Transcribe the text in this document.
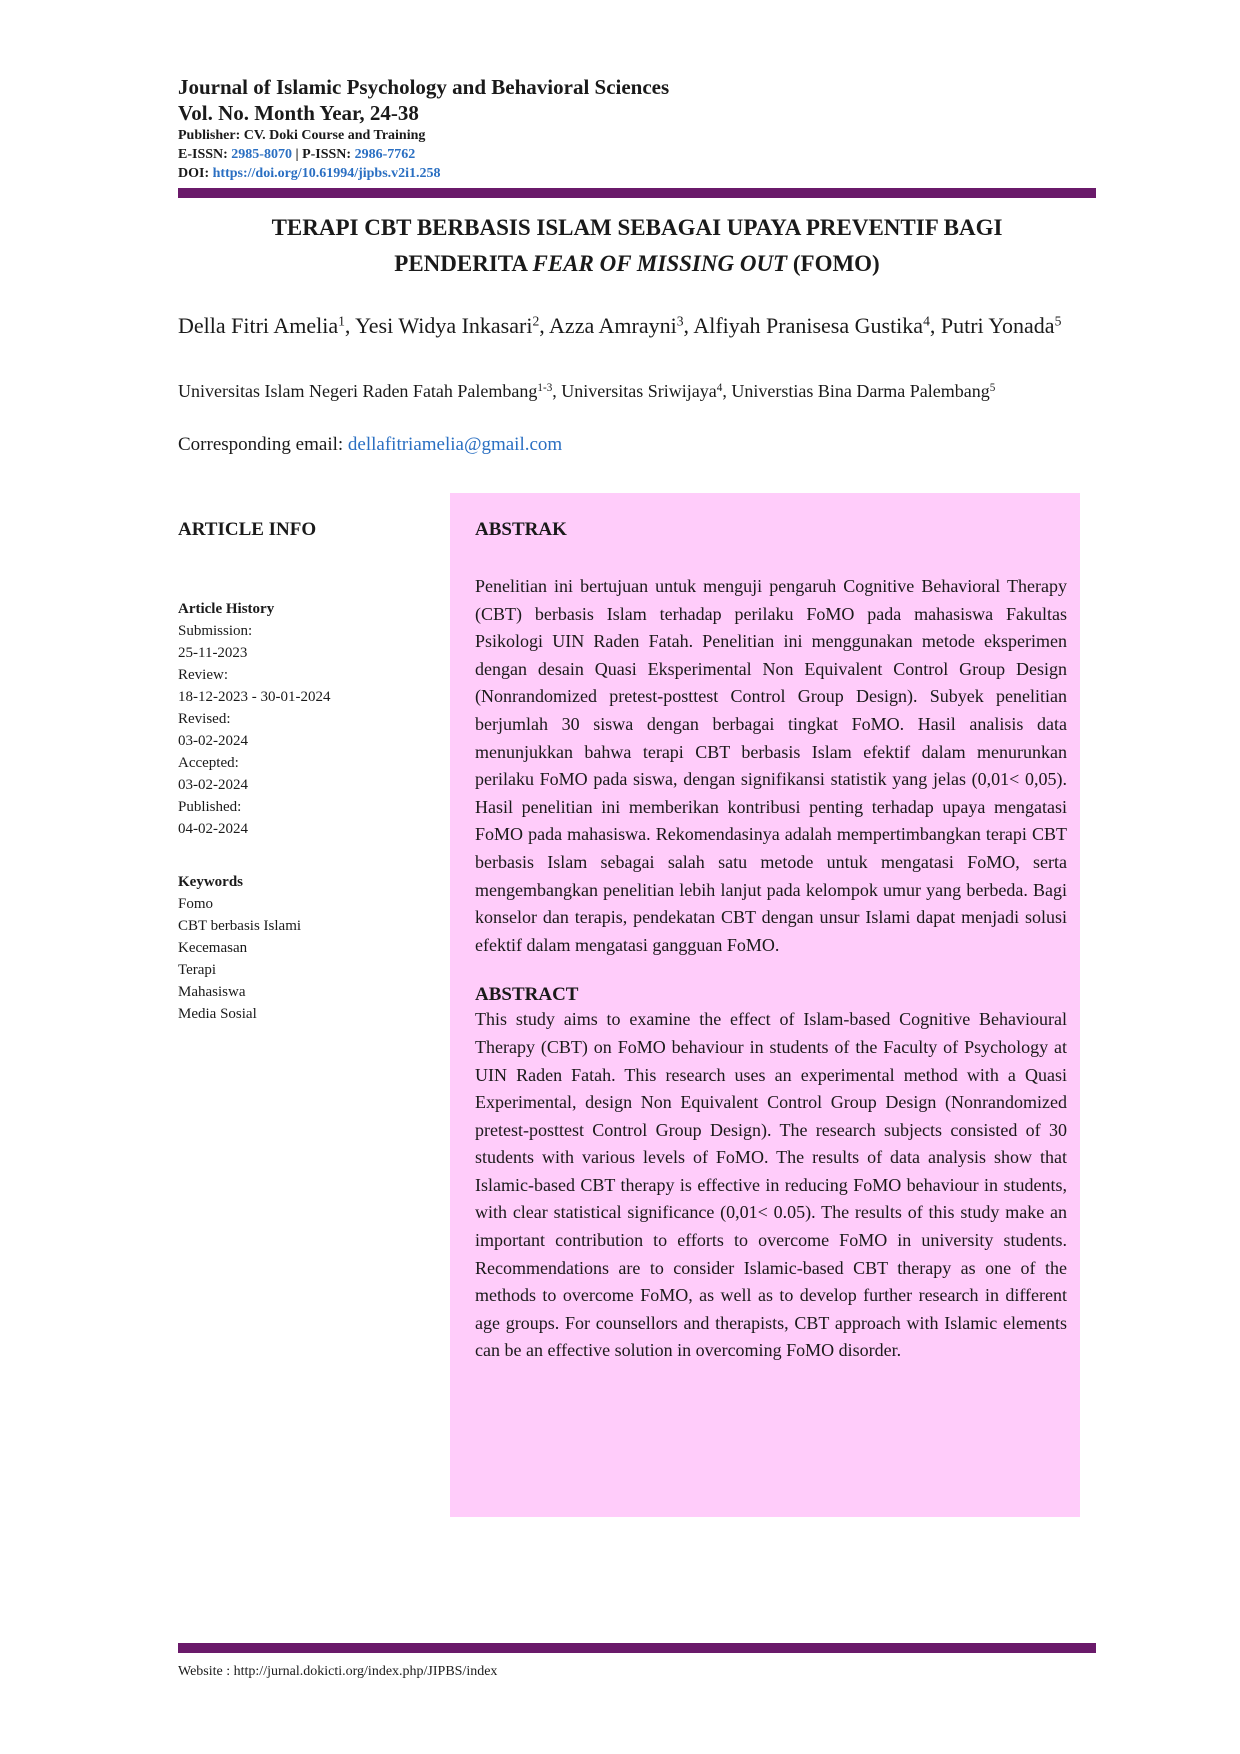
Journal of Islamic Psychology and Behavioral Sciences
Vol. No. Month Year, 24-38
Publisher: CV. Doki Course and Training
E-ISSN: 2985-8070 | P-ISSN: 2986-7762
DOI: https://doi.org/10.61994/jipbs.v2i1.258
TERAPI CBT BERBASIS ISLAM SEBAGAI UPAYA PREVENTIF BAGI
PENDERITA FEAR OF MISSING OUT (FOMO)
Della Fitri Amelia$^1$, Yesi Widya Inkasari$^2$, Azza Amrayni$^3$, Alfiyah Pranisesa Gustika$^4$, Putri Yonada$^5$
Universitas Islam Negeri Raden Fatah Palembang$^{1-3}$, Universitas Sriwijaya$^4$, Universtias Bina Darma Palembang$^5$
Corresponding email: dellafitriamelia@gmail.com
ARTICLE INFO
Article History
Submission:
25-11-2023
Review:
18-12-2023 - 30-01-2024
Revised:
03-02-2024
Accepted:
03-02-2024
Published:
04-02-2024
Keywords
Fomo
CBT berbasis Islami
Kecemasan
Terapi
Mahasiswa
Media Sosial
ABSTRAK
Penelitian ini bertujuan untuk menguji pengaruh Cognitive Behavioral Therapy (CBT) berbasis Islam terhadap perilaku FoMO pada mahasiswa Fakultas Psikologi UIN Raden Fatah. Penelitian ini menggunakan metode eksperimen dengan desain Quasi Eksperimental Non Equivalent Control Group Design (Nonrandomized pretest-posttest Control Group Design). Subyek penelitian berjumlah 30 siswa dengan berbagai tingkat FoMO. Hasil analisis data menunjukkan bahwa terapi CBT berbasis Islam efektif dalam menurunkan perilaku FoMO pada siswa, dengan signifikansi statistik yang jelas (0,01< 0,05). Hasil penelitian ini memberikan kontribusi penting terhadap upaya mengatasi FoMO pada mahasiswa. Rekomendasinya adalah mempertimbangkan terapi CBT berbasis Islam sebagai salah satu metode untuk mengatasi FoMO, serta mengembangkan penelitian lebih lanjut pada kelompok umur yang berbeda. Bagi konselor dan terapis, pendekatan CBT dengan unsur Islami dapat menjadi solusi efektif dalam mengatasi gangguan FoMO.
ABSTRACT
This study aims to examine the effect of Islam-based Cognitive Behavioural Therapy (CBT) on FoMO behaviour in students of the Faculty of Psychology at UIN Raden Fatah. This research uses an experimental method with a Quasi Experimental, design Non Equivalent Control Group Design (Nonrandomized pretest-posttest Control Group Design). The research subjects consisted of 30 students with various levels of FoMO. The results of data analysis show that Islamic-based CBT therapy is effective in reducing FoMO behaviour in students, with clear statistical significance (0,01< 0.05). The results of this study make an important contribution to efforts to overcome FoMO in university students. Recommendations are to consider Islamic-based CBT therapy as one of the methods to overcome FoMO, as well as to develop further research in different age groups. For counsellors and therapists, CBT approach with Islamic elements can be an effective solution in overcoming FoMO disorder.
Website : http://jurnal.dokicti.org/index.php/JIPBS/index
